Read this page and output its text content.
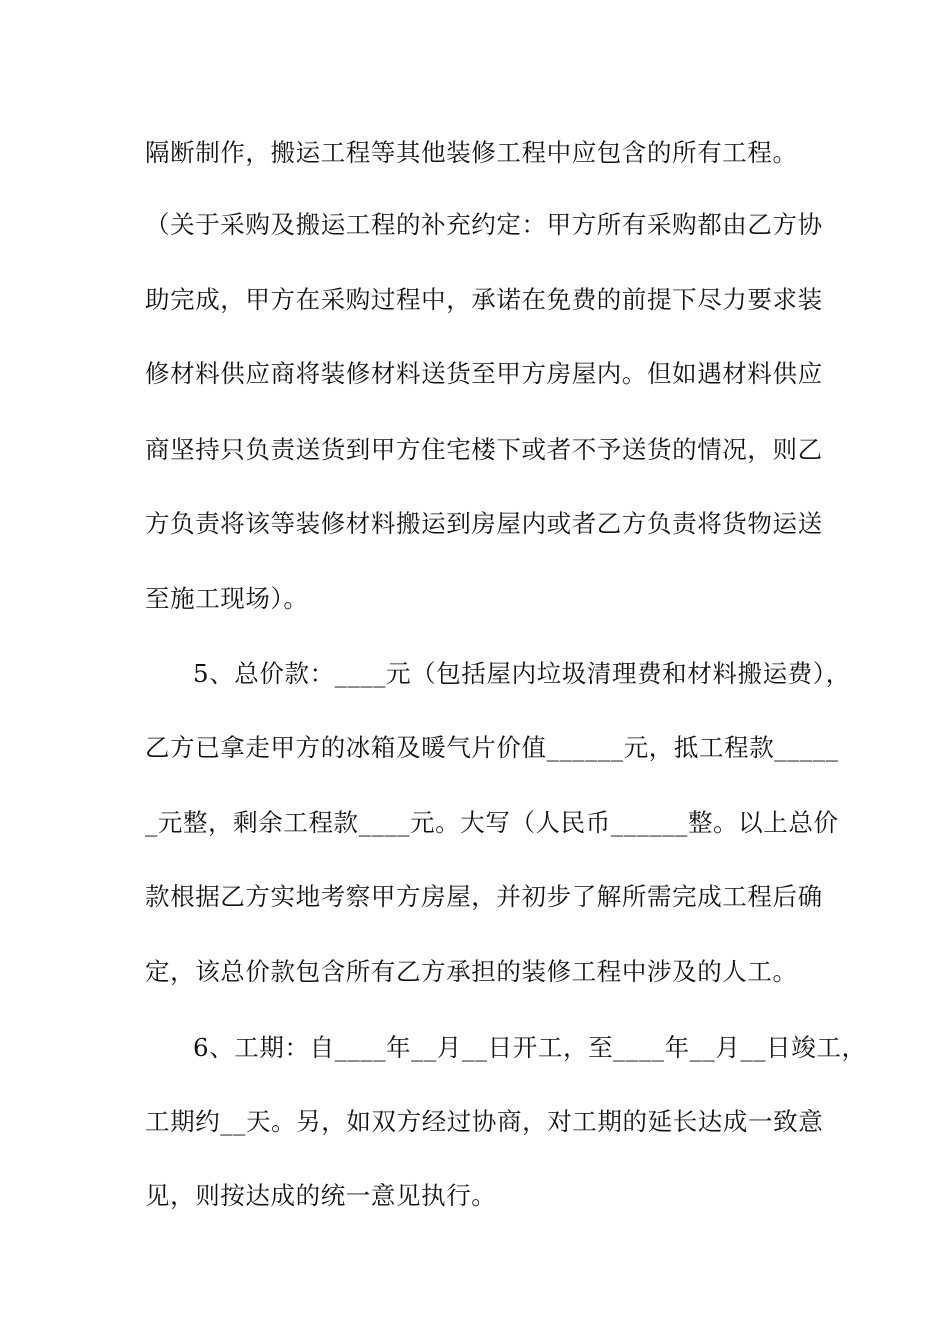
隔断制作，搬运工程等其他装修工程中应包含的所有工程。
（关于采购及搬运工程的补充约定：甲方所有采购都由乙方协
助完成，甲方在采购过程中，承诺在免费的前提下尽力要求装
修材料供应商将装修材料送货至甲方房屋内。但如遇材料供应
商坚持只负责送货到甲方住宅楼下或者不予送货的情况，则乙
方负责将该等装修材料搬运到房屋内或者乙方负责将货物运送
至施工现场）。
5、总价款：____元（包括屋内垃圾清理费和材料搬运费），
乙方已拿走甲方的冰箱及暖气片价值______元，抵工程款_____
_元整，剩余工程款____元。大写（人民币______整。以上总价
款根据乙方实地考察甲方房屋，并初步了解所需完成工程后确
定，该总价款包含所有乙方承担的装修工程中涉及的人工。
6、工期：自____年__月__日开工，至____年__月__日竣工，
工期约__天。另，如双方经过协商，对工期的延长达成一致意
见，则按达成的统一意见执行。
